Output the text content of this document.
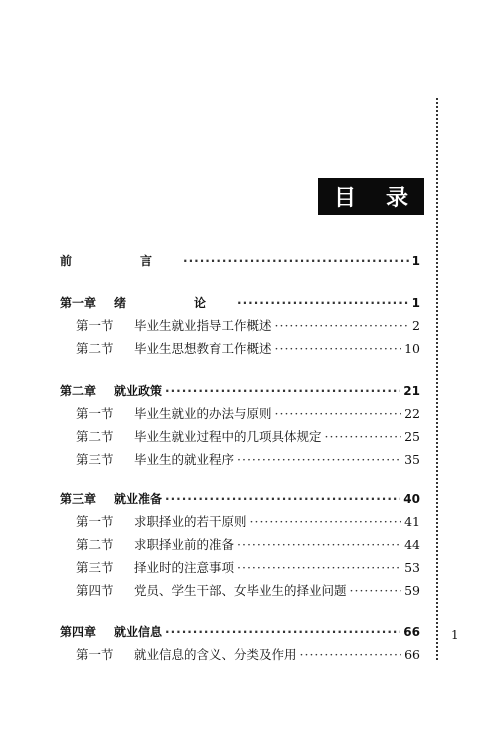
目 录
前　言 ·····	1
第一章	绪　论 ·····	1
第一节	毕业生就业指导工作概述 ·····	2
第二节	毕业生思想教育工作概述 ·····	10
第二章	就业政策 ·····	21
第一节	毕业生就业的办法与原则 ·····	22
第二节	毕业生就业过程中的几项具体规定 ·····	25
第三节	毕业生的就业程序 ·····	35
第三章	就业准备 ·····	40
第一节	求职择业的若干原则 ·····	41
第二节	求职择业前的准备 ·····	44
第三节	择业时的注意事项 ·····	53
第四节	党员、学生干部、女毕业生的择业问题 ·····	59
第四章	就业信息 ·····	66
第一节	就业信息的含义、分类及作用 ·····	66
1
